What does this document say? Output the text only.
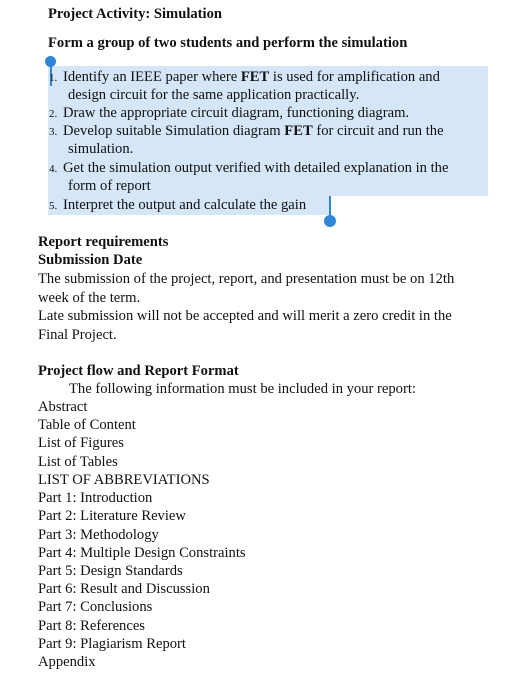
Project Activity: Simulation
Form a group of two students and perform the simulation
1. Identify an IEEE paper where FET is used for amplification and
design circuit for the same application practically.
2. Draw the appropriate circuit diagram, functioning diagram.
3. Develop suitable Simulation diagram FET for circuit and run the
simulation.
4. Get the simulation output verified with detailed explanation in the
form of report
5. Interpret the output and calculate the gain
Report requirements
Submission Date
The submission of the project, report, and presentation must be on 12th
week of the term.
Late submission will not be accepted and will merit a zero credit in the
Final Project.
Project flow and Report Format
The following information must be included in your report:
Abstract
Table of Content
List of Figures
List of Tables
LIST OF ABBREVIATIONS
Part 1: Introduction
Part 2: Literature Review
Part 3: Methodology
Part 4: Multiple Design Constraints
Part 5: Design Standards
Part 6: Result and Discussion
Part 7: Conclusions
Part 8: References
Part 9: Plagiarism Report
Appendix
